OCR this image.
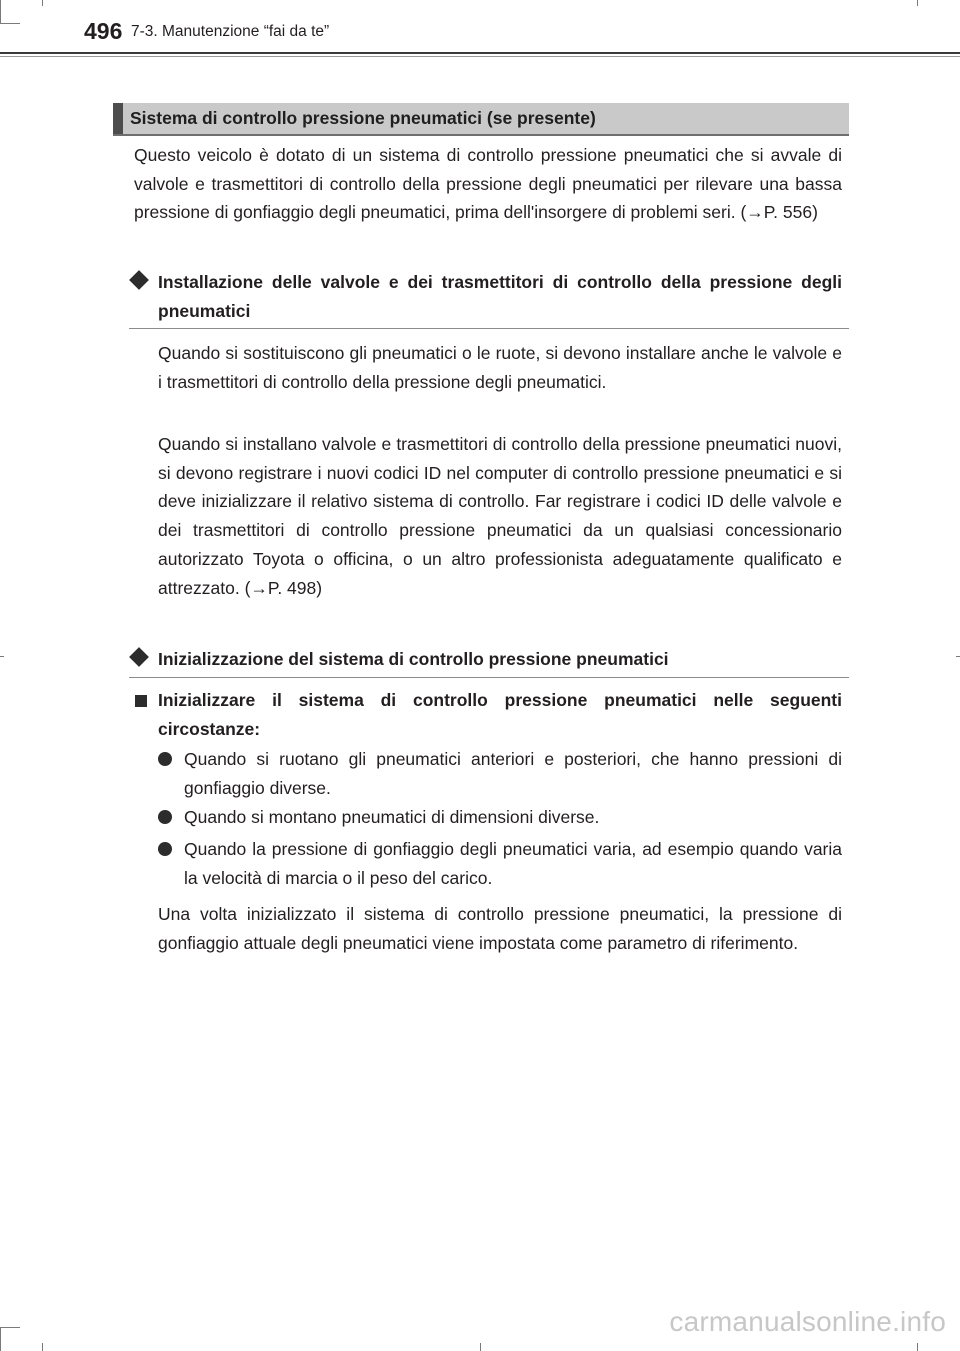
496 7-3. Manutenzione “fai da te”
Sistema di controllo pressione pneumatici (se presente)
Questo veicolo è dotato di un sistema di controllo pressione pneumatici che si avvale di valvole e trasmettitori di controllo della pressione degli pneumatici per rilevare una bassa pressione di gonfiaggio degli pneumatici, prima dell'insorgere di problemi seri. (→P. 556)
Installazione delle valvole e dei trasmettitori di controllo della pressione degli pneumatici
Quando si sostituiscono gli pneumatici o le ruote, si devono installare anche le valvole e i trasmettitori di controllo della pressione degli pneumatici.
Quando si installano valvole e trasmettitori di controllo della pressione pneumatici nuovi, si devono registrare i nuovi codici ID nel computer di controllo pressione pneumatici e si deve inizializzare il relativo sistema di controllo. Far registrare i codici ID delle valvole e dei trasmettitori di controllo pressione pneumatici da un qualsiasi concessionario autorizzato Toyota o officina, o un altro professionista adeguatamente qualificato e attrezzato. (→P. 498)
Inizializzazione del sistema di controllo pressione pneumatici
Inizializzare il sistema di controllo pressione pneumatici nelle seguenti circostanze:
Quando si ruotano gli pneumatici anteriori e posteriori, che hanno pressioni di gonfiaggio diverse.
Quando si montano pneumatici di dimensioni diverse.
Quando la pressione di gonfiaggio degli pneumatici varia, ad esempio quando varia la velocità di marcia o il peso del carico.
Una volta inizializzato il sistema di controllo pressione pneumatici, la pressione di gonfiaggio attuale degli pneumatici viene impostata come parametro di riferimento.
carmanualsonline.info
